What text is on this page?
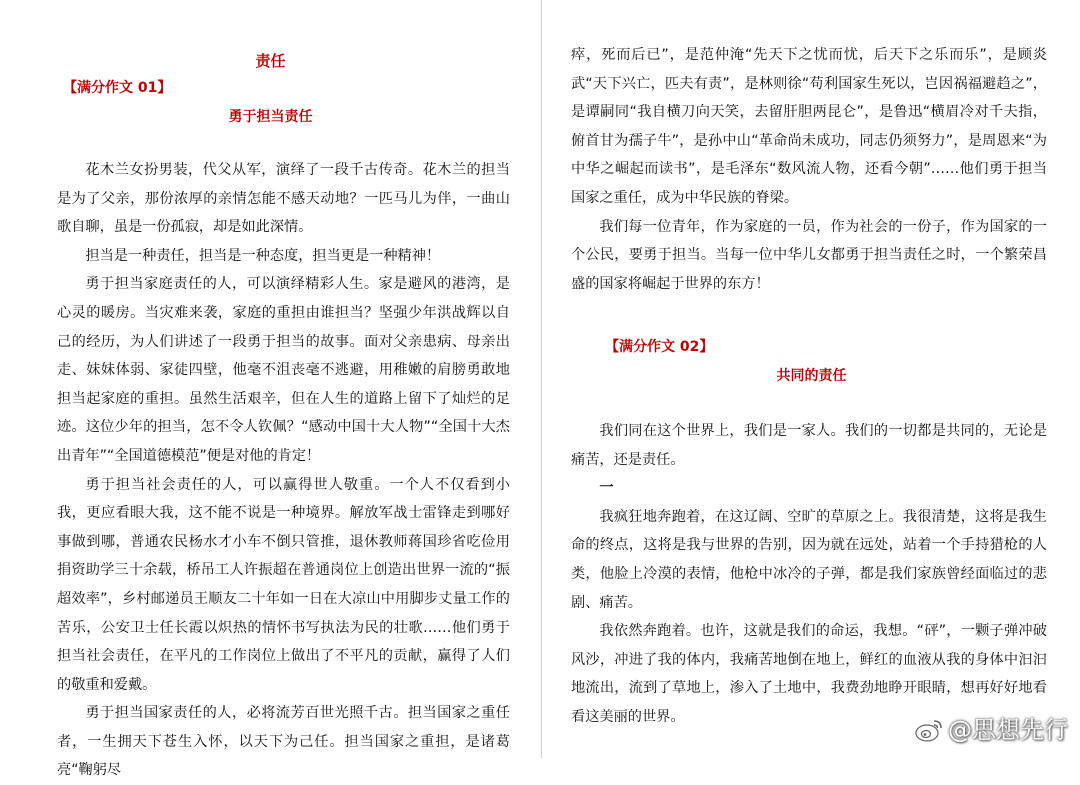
责任
【满分作文 01】
勇于担当责任

花木兰女扮男装，代父从军，演绎了一段千古传奇。花木兰的担当是为了父亲，那份浓厚的亲情怎能不感天动地？一匹马儿为伴，一曲山歌自聊，虽是一份孤寂，却是如此深情。

担当是一种责任，担当是一种态度，担当更是一种精神！

勇于担当家庭责任的人，可以演绎精彩人生。家是避风的港湾，是心灵的暖房。当灾难来袭，家庭的重担由谁担当？坚强少年洪战辉以自己的经历，为人们讲述了一段勇于担当的故事。面对父亲患病、母亲出走、妹妹体弱、家徒四壁，他毫不沮丧毫不逃避，用稚嫩的肩膀勇敢地担当起家庭的重担。虽然生活艰辛，但在人生的道路上留下了灿烂的足迹。这位少年的担当，怎不令人钦佩？“感动中国十大人物”“全国十大杰出青年”“全国道德模范”便是对他的肯定！

勇于担当社会责任的人，可以赢得世人敬重。一个人不仅看到小我，更应看眼大我，这不能不说是一种境界。解放军战士雷锋走到哪好事做到哪，普通农民杨水才小车不倒只管推，退休教师蒋国珍省吃俭用捐资助学三十余载，桥吊工人许振超在普通岗位上创造出世界一流的“振超效率”，乡村邮递员王顺友二十年如一日在大凉山中用脚步丈量工作的苦乐，公安卫士任长霞以炽热的情怀书写执法为民的壮歌……他们勇于担当社会责任，在平凡的工作岗位上做出了不平凡的贡献，赢得了人们的敬重和爱戴。

勇于担当国家责任的人，必将流芳百世光照千古。担当国家之重任者，一生拥天下苍生入怀，以天下为己任。担当国家之重担，是诸葛亮“鞠躬尽

瘁，死而后已”，是范仲淹“先天下之忧而忧，后天下之乐而乐”，是顾炎武“天下兴亡，匹夫有责”，是林则徐“苟利国家生死以，岂因祸福避趋之”，是谭嗣同“我自横刀向天笑，去留肝胆两昆仑”，是鲁迅“横眉冷对千夫指，俯首甘为孺子牛”，是孙中山“革命尚未成功，同志仍须努力”，是周恩来“为中华之崛起而读书”，是毛泽东“数风流人物，还看今朝”……他们勇于担当国家之重任，成为中华民族的脊梁。

我们每一位青年，作为家庭的一员，作为社会的一份子，作为国家的一个公民，要勇于担当。当每一位中华儿女都勇于担当责任之时，一个繁荣昌盛的国家将崛起于世界的东方！

【满分作文 02】
共同的责任

我们同在这个世界上，我们是一家人。我们的一切都是共同的，无论是痛苦，还是责任。

一

我疯狂地奔跑着，在这辽阔、空旷的草原之上。我很清楚，这将是我生命的终点，这将是我与世界的告别，因为就在远处，站着一个手持猎枪的人类，他脸上冷漠的表情，他枪中冰冷的子弹，都是我们家族曾经面临过的悲剧、痛苦。

我依然奔跑着。也许，这就是我们的命运，我想。“砰”，一颗子弹冲破风沙，冲进了我的体内，我痛苦地倒在地上，鲜红的血液从我的身体中汩汩地流出，流到了草地上，渗入了土地中，我费劲地睁开眼睛，想再好好地看看这美丽的世界。	@思想先行
